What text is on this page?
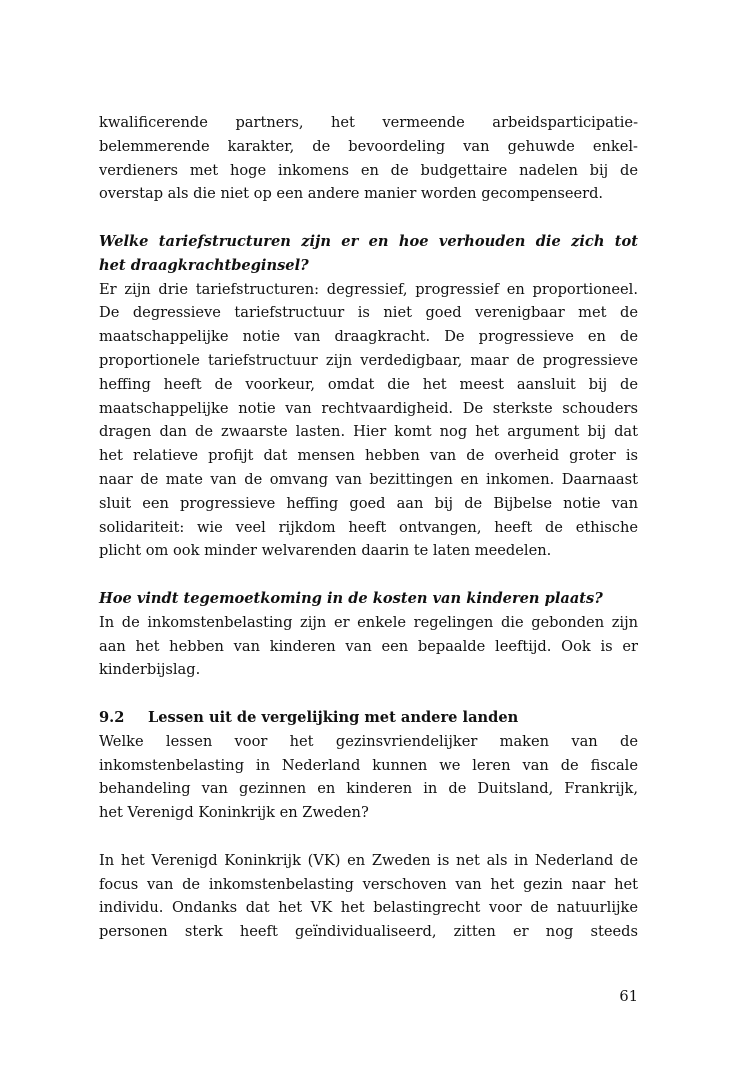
kwalificerende partners, het vermeende arbeidsparticipatie-
belemmerende karakter, de bevoordeling van gehuwde enkel-
verdieners met hoge inkomens en de budgettaire nadelen bij de
overstap als die niet op een andere manier worden gecompenseerd.

Welke tariefstructuren zijn er en hoe verhouden die zich tot
het draagkrachtbeginsel?

Er zijn drie tariefstructuren: degressief, progressief en proportioneel.
De degressieve tariefstructuur is niet goed verenigbaar met de
maatschappelijke notie van draagkracht. De progressieve en de
proportionele tariefstructuur zijn verdedigbaar, maar de progressieve
heffing heeft de voorkeur, omdat die het meest aansluit bij de
maatschappelijke notie van rechtvaardigheid. De sterkste schouders
dragen dan de zwaarste lasten. Hier komt nog het argument bij dat
het relatieve profijt dat mensen hebben van de overheid groter is
naar de mate van de omvang van bezittingen en inkomen. Daarnaast
sluit een progressieve heffing goed aan bij de Bijbelse notie van
solidariteit: wie veel rijkdom heeft ontvangen, heeft de ethische
plicht om ook minder welvarenden daarin te laten meedelen.

Hoe vindt tegemoetkoming in de kosten van kinderen plaats?

In de inkomstenbelasting zijn er enkele regelingen die gebonden zijn
aan het hebben van kinderen van een bepaalde leeftijd. Ook is er
kinderbijslag.

9.2 Lessen uit de vergelijking met andere landen

Welke lessen voor het gezinsvriendelijker maken van de
inkomstenbelasting in Nederland kunnen we leren van de fiscale
behandeling van gezinnen en kinderen in de Duitsland, Frankrijk,
het Verenigd Koninkrijk en Zweden?

In het Verenigd Koninkrijk (VK) en Zweden is net als in Nederland de
focus van de inkomstenbelasting verschoven van het gezin naar het
individu. Ondanks dat het VK het belastingrecht voor de natuurlijke
personen sterk heeft geïndividualiseerd, zitten er nog steeds

61
